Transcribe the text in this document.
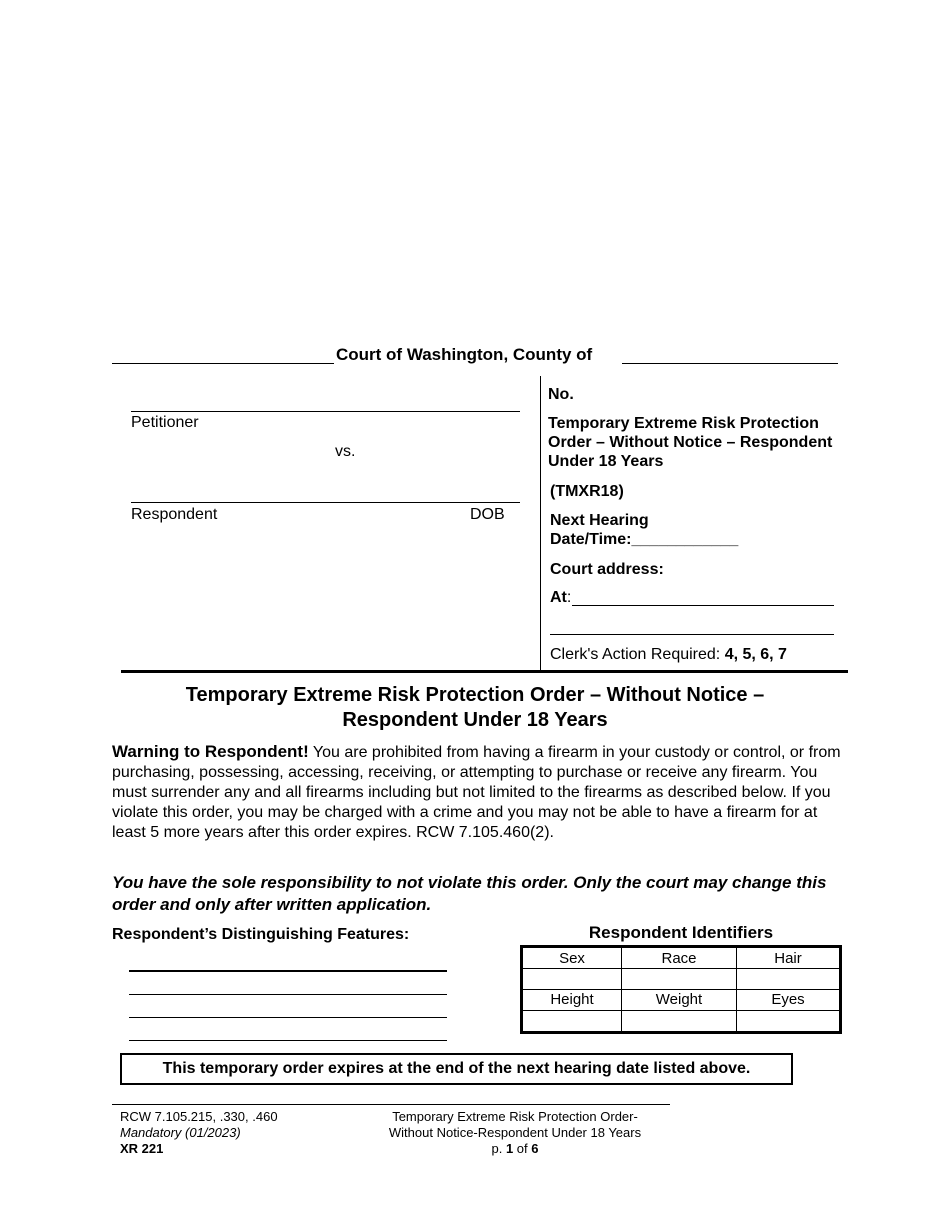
Court of Washington, County of
Petitioner
vs.
Respondent	DOB
No.
Temporary Extreme Risk Protection Order – Without Notice – Respondent Under 18 Years
(TMXR18)
Next Hearing
Date/Time:____________
Court address:
At:
Clerk's Action Required: 4, 5, 6, 7
Temporary Extreme Risk Protection Order – Without Notice –
Respondent Under 18 Years
Warning to Respondent! You are prohibited from having a firearm in your custody or control, or from purchasing, possessing, accessing, receiving, or attempting to purchase or receive any firearm. You must surrender any and all firearms including but not limited to the firearms as described below. If you violate this order, you may be charged with a crime and you may not be able to have a firearm for at least 5 more years after this order expires. RCW 7.105.460(2).
You have the sole responsibility to not violate this order. Only the court may change this order and only after written application.
Respondent’s Distinguishing Features:	Respondent Identifiers
Sex	Race	Hair

Height	Weight	Eyes

This temporary order expires at the end of the next hearing date listed above.
RCW 7.105.215, .330, .460
Mandatory (01/2023)
XR 221
Temporary Extreme Risk Protection Order-
Without Notice-Respondent Under 18 Years
p. 1 of 6
